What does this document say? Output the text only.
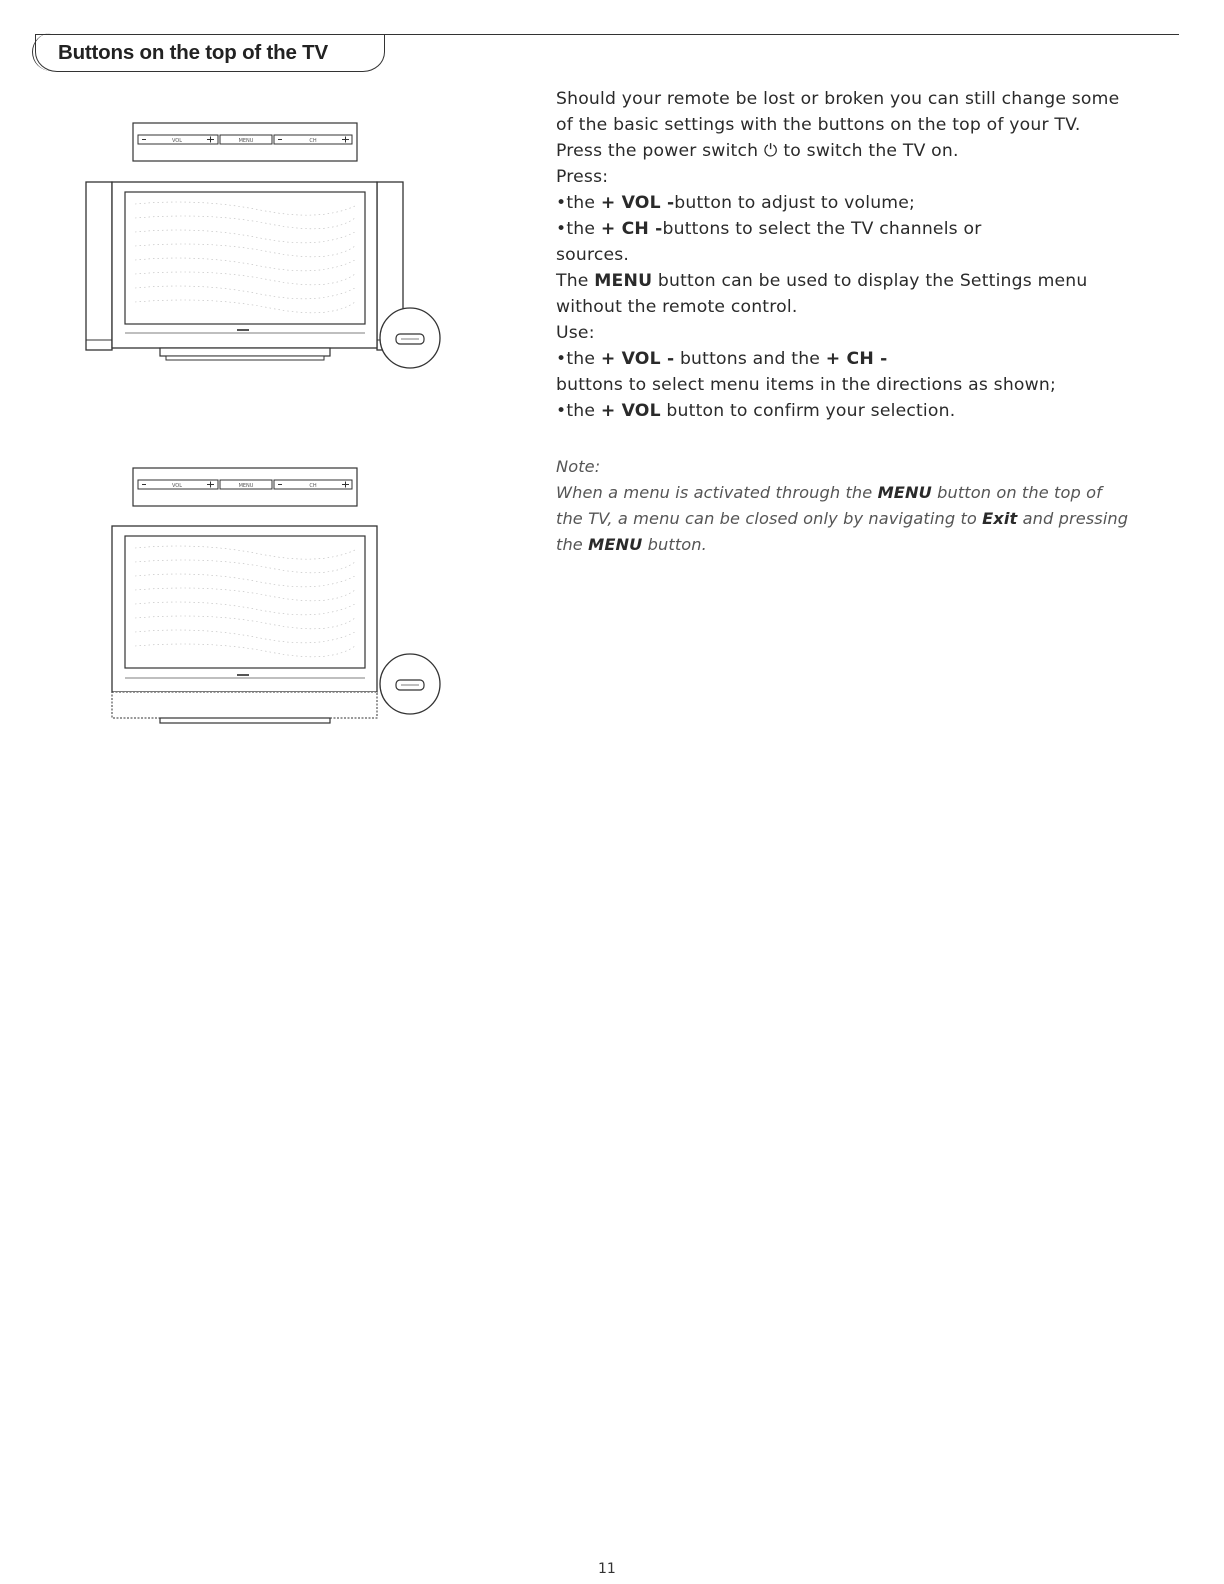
Buttons on the top of the TV
VOL	MENU	CH
VOL	MENU	CH
Should your remote be lost or broken you can still change some
of the basic settings with the buttons on the top of your TV.
Press the power switch ⏻ to switch the TV on.
Press:
•the + VOL -button to adjust to volume;
•the + CH -buttons to select the TV channels or
sources.
The MENU button can be used to display the Settings menu
without the remote control.
Use:
•the + VOL - buttons and the + CH -
buttons to select menu items in the directions as shown;
•the + VOL button to confirm your selection.
Note:
When a menu is activated through the MENU button on the top of
the TV, a menu can be closed only by navigating to Exit and pressing
the MENU button.
11
